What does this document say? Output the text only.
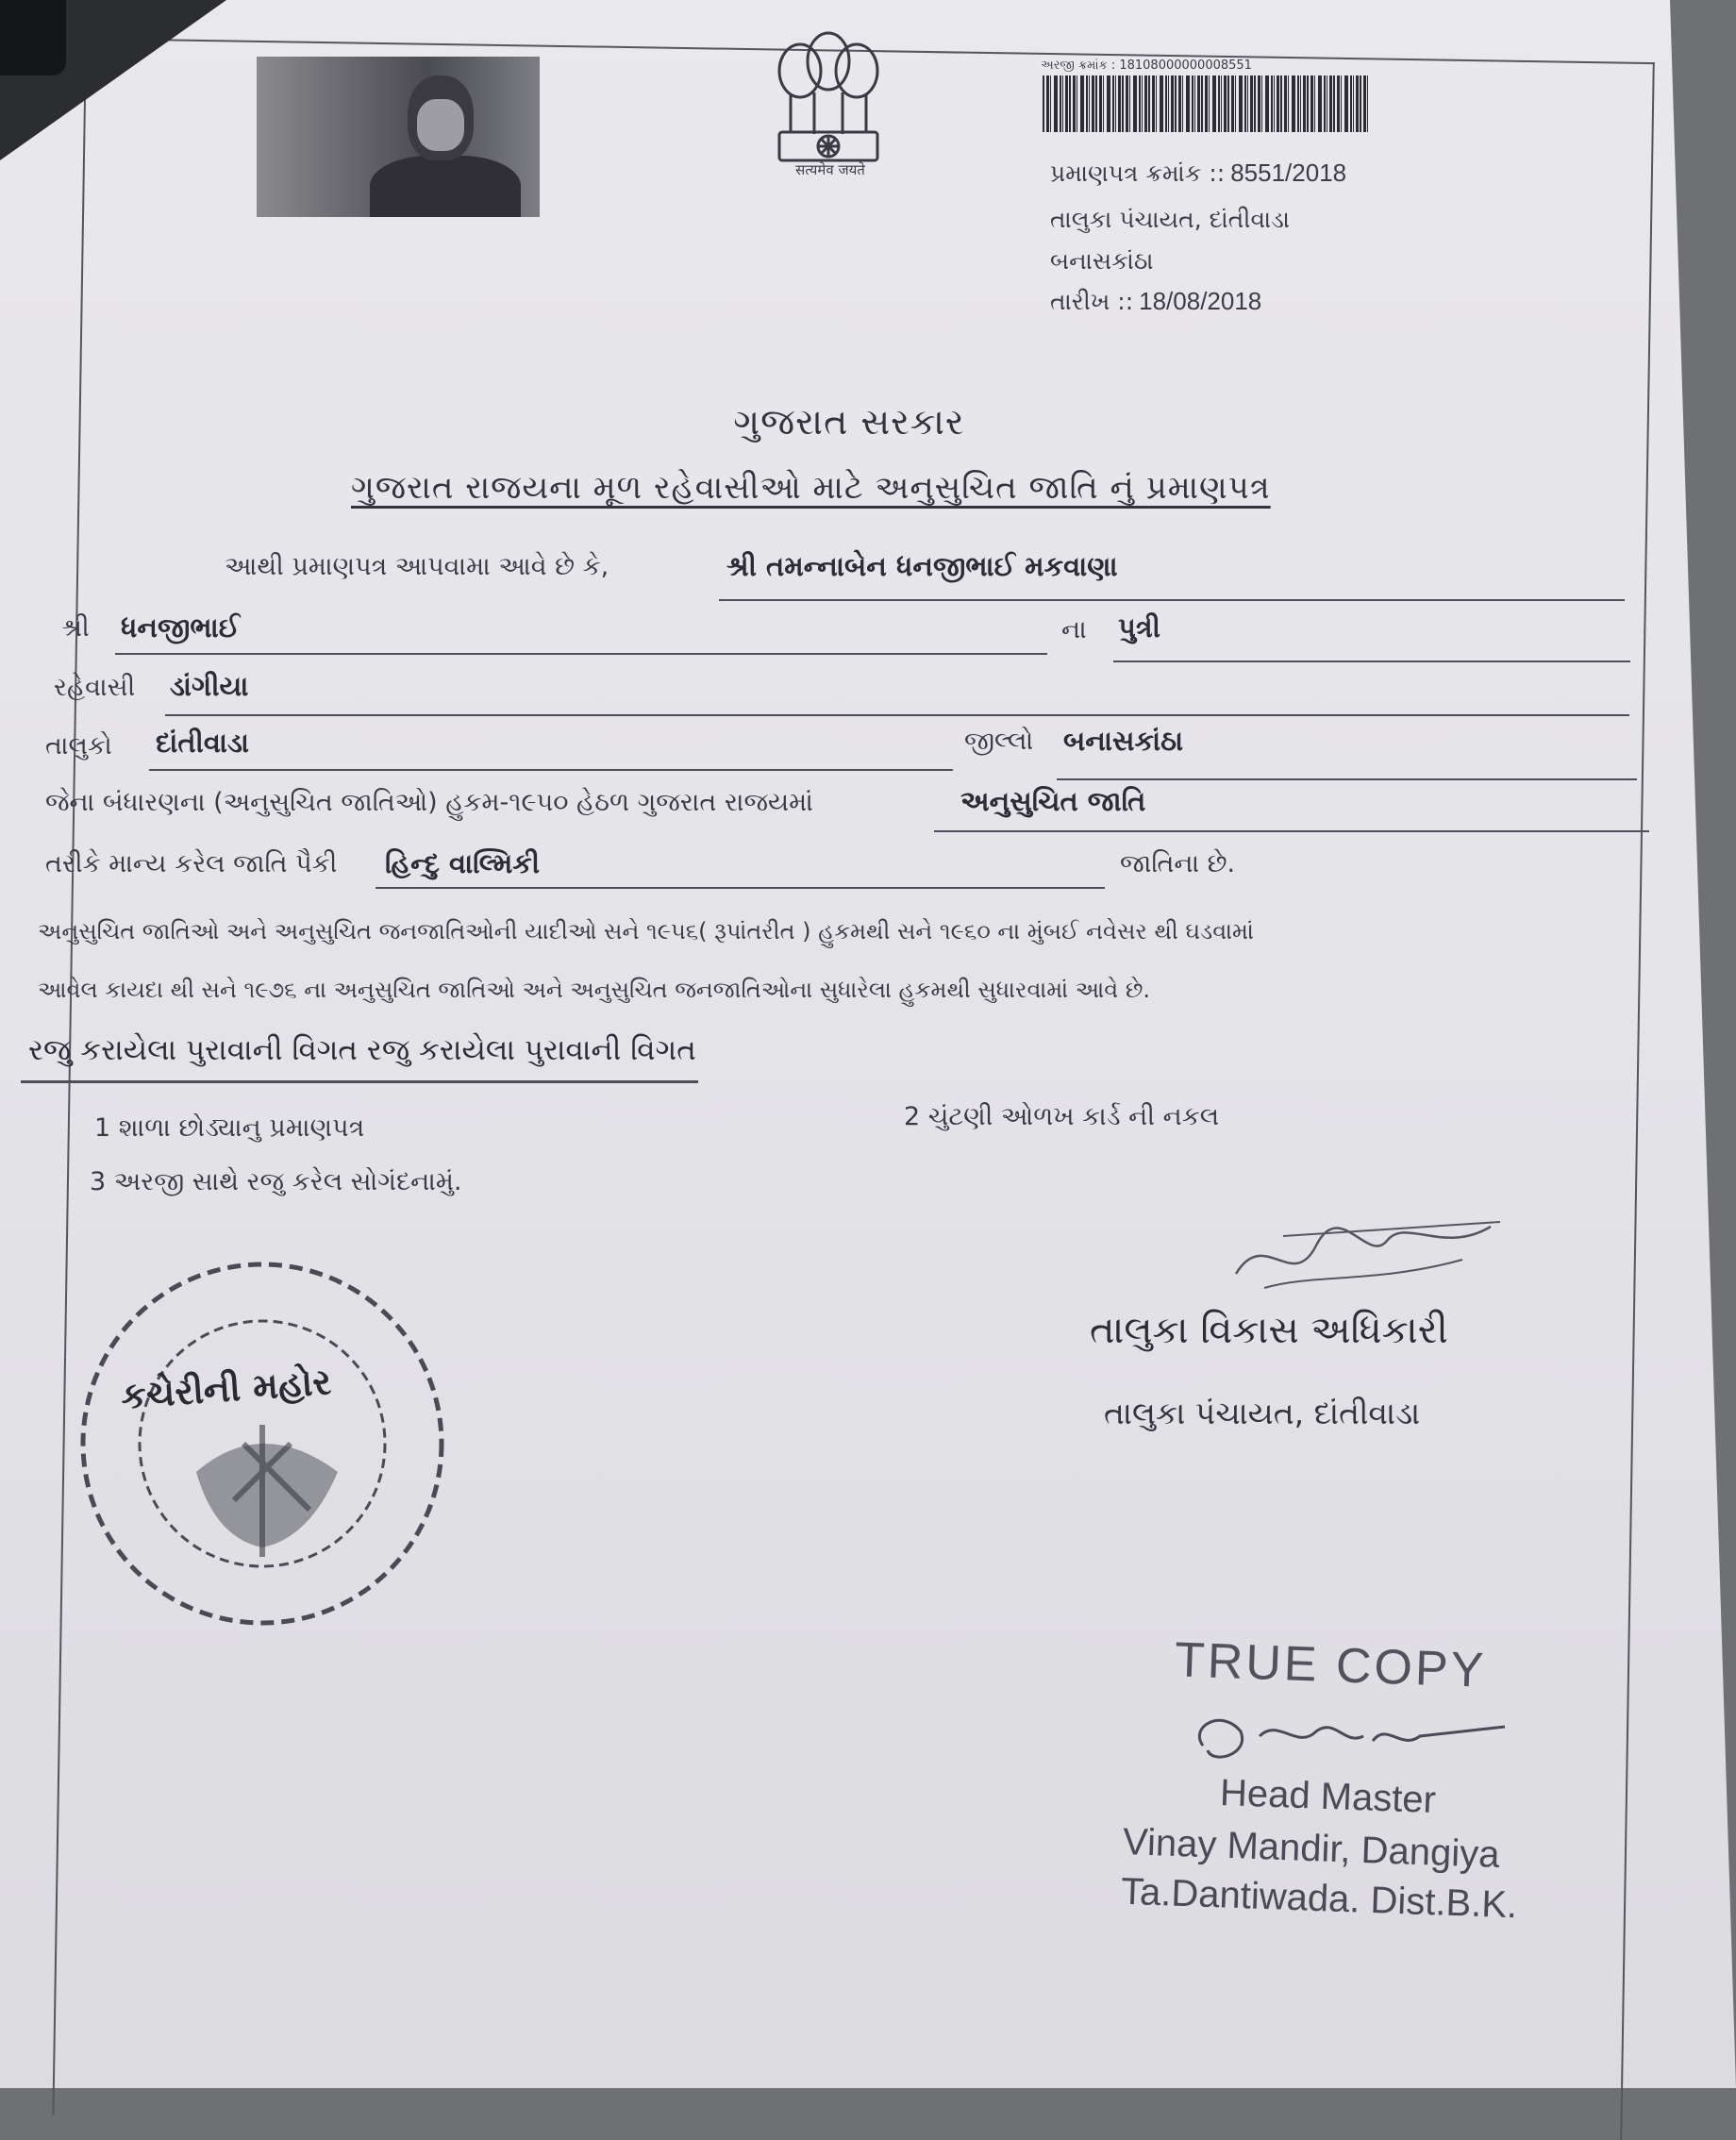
सत्यमेव जयते
અરજી ક્રમાંક : 18108000000008551
પ્રમાણપત્ર ક્રમાંક :: 8551/2018
તાલુકા પંચાયત, દાંતીવાડા
બનાસકાંઠા
તારીખ :: 18/08/2018
ગુજરાત સરકાર
ગુજરાત રાજયના મૂળ રહેવાસીઓ માટે અનુસુચિત જાતિ નું પ્રમાણપત્ર
આથી પ્રમાણપત્ર આપવામા આવે છે કે,	શ્રી તમન્નાબેન ધનજીભાઈ મકવાણા
શ્રી ધનજીભાઈ	ના પુત્રી
રહેવાસી ડાંગીયા
તાલુકો દાંતીવાડા	જીલ્લો બનાસકાંઠા
જેના બંધારણના (અનુસુચિત જાતિઓ) હુકમ-૧૯૫૦ હેઠળ ગુજરાત રાજયમાં	અનુસુચિત જાતિ
તરીકે માન્ય કરેલ જાતિ પૈકી હિન્દુ વાલ્મિકી	જાતિના છે.
અનુસુચિત જાતિઓ અને અનુસુચિત જનજાતિઓની યાદીઓ સને ૧૯૫૬( રૂપાંતરીત ) હુકમથી સને ૧૯૬૦ ના મુંબઈ નવેસર થી ઘડવામાં
આવેલ કાયદા થી સને ૧૯૭૬ ના અનુસુચિત જાતિઓ અને અનુસુચિત જનજાતિઓના સુધારેલા હુકમથી સુધારવામાં આવે છે.
રજુ કરાયેલા પુરાવાની વિગત રજુ કરાયેલા પુરાવાની વિગત
1 શાળા છોડ્યાનુ પ્રમાણપત્ર	2 ચુંટણી ઓળખ કાર્ડ ની નકલ
3 અરજી સાથે રજુ કરેલ સોગંદનામું.
તાલુકા વિકાસ અધિકારી
તાલુકા પંચાયત, દાંતીવાડા
કચેરીની મહોર
TRUE COPY
Head Master
Vinay Mandir, Dangiya
Ta.Dantiwada. Dist.B.K.
